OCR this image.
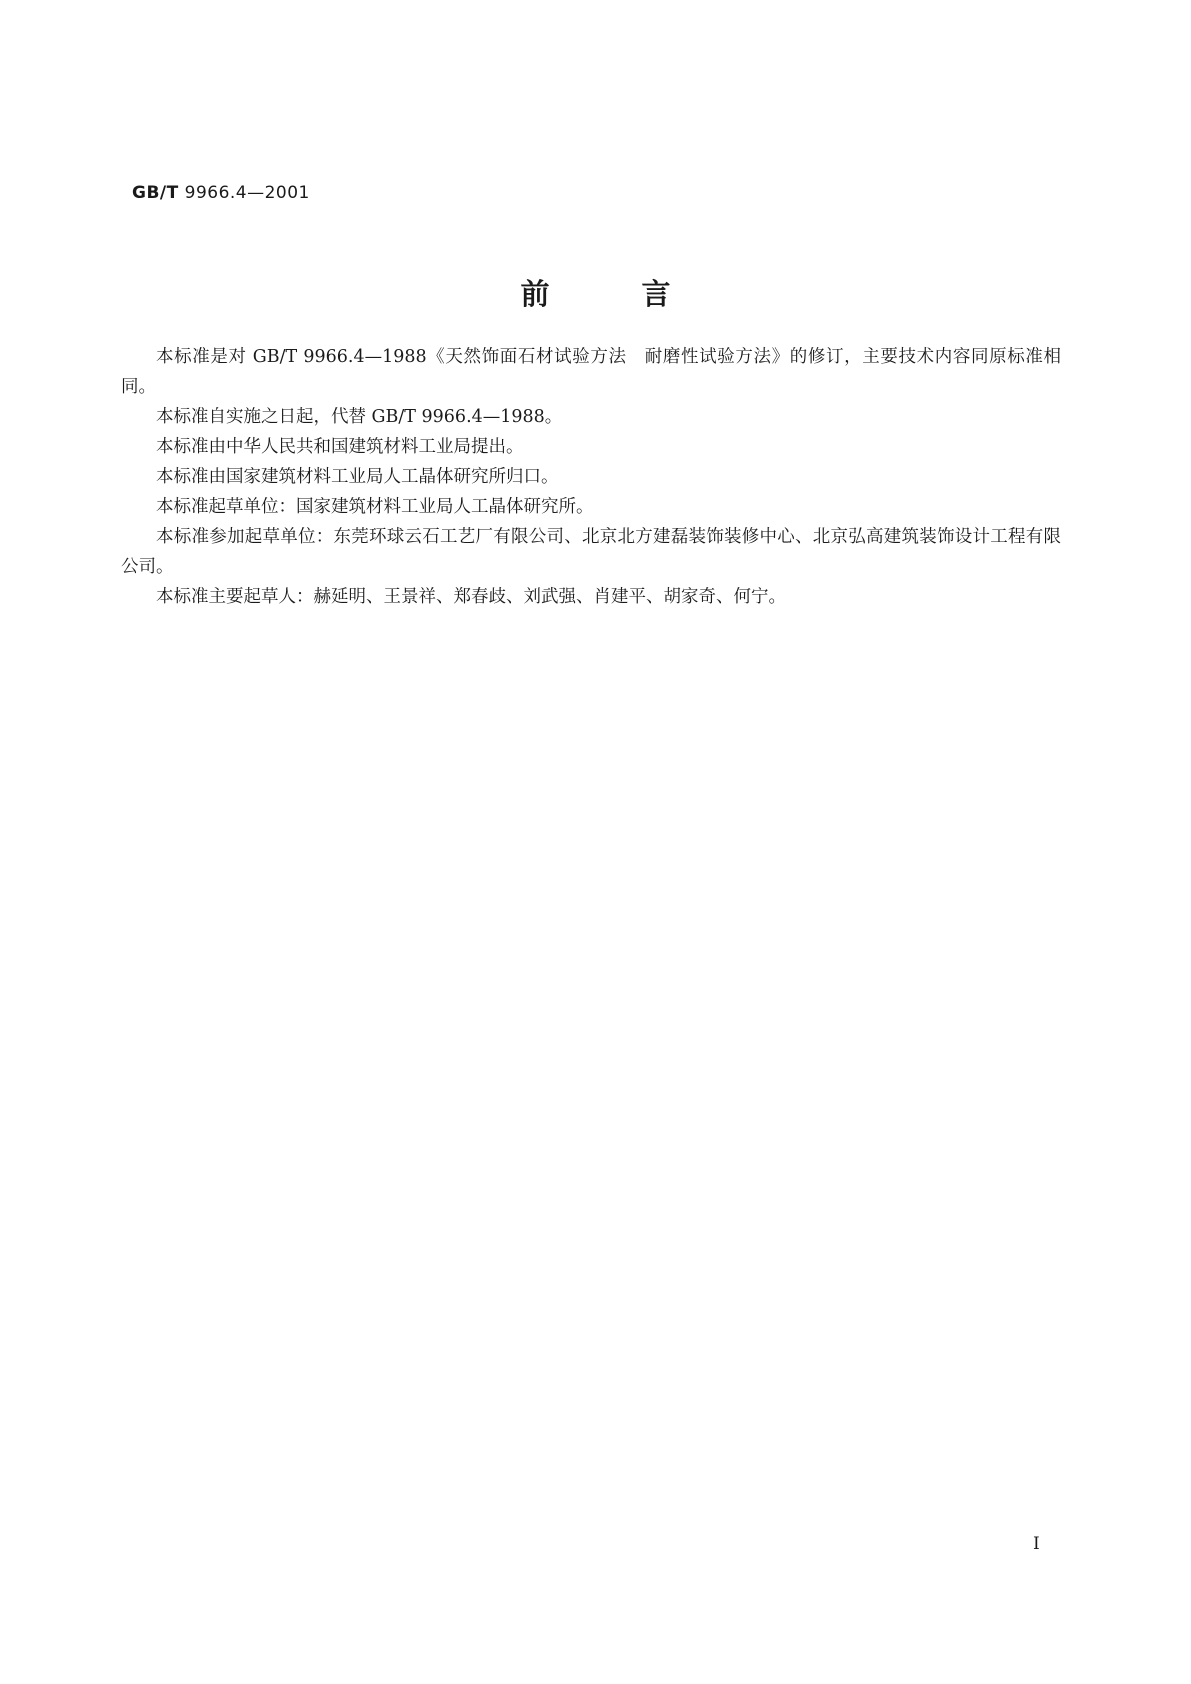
GB/T 9966.4—2001
前言

本标准是对 GB/T 9966.4—1988《天然饰面石材试验方法　耐磨性试验方法》的修订，主要技术内容同原标准相同。

本标准自实施之日起，代替 GB/T 9966.4—1988。

本标准由中华人民共和国建筑材料工业局提出。

本标准由国家建筑材料工业局人工晶体研究所归口。

本标准起草单位：国家建筑材料工业局人工晶体研究所。

本标准参加起草单位：东莞环球云石工艺厂有限公司、北京北方建磊装饰装修中心、北京弘高建筑装饰设计工程有限公司。

本标准主要起草人：赫延明、王景祥、郑春歧、刘武强、肖建平、胡家奇、何宁。

I
